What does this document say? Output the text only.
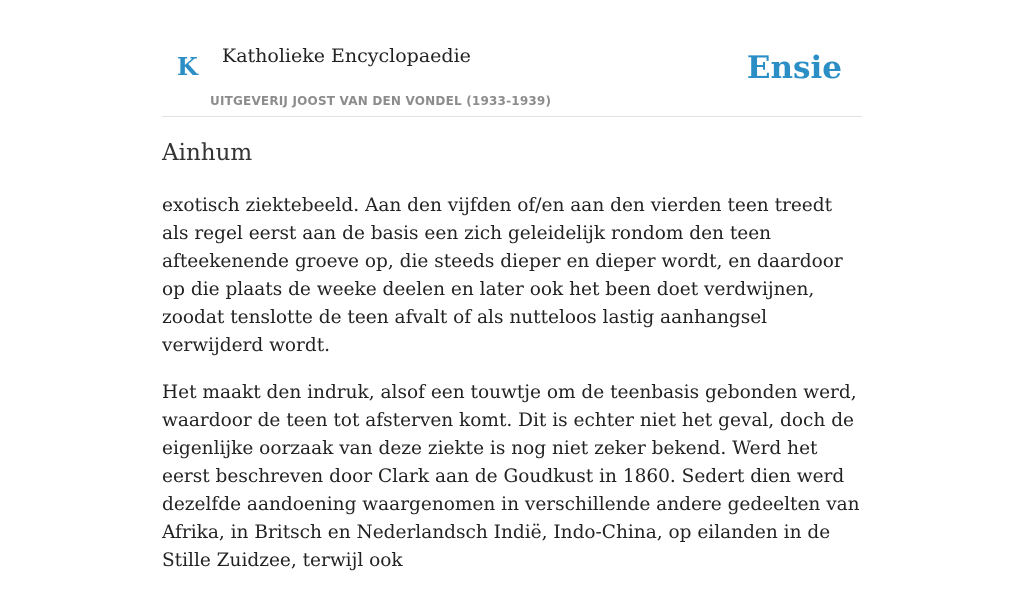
K Katholieke Encyclopaedie
UITGEVERIJ JOOST VAN DEN VONDEL (1933-1939)
Ensie
Ainhum

exotisch ziektebeeld. Aan den vijfden of/en aan den vierden teen treedt als regel eerst aan de basis een zich geleidelijk rondom den teen afteekenende groeve op, die steeds dieper en dieper wordt, en daardoor op die plaats de weeke deelen en later ook het been doet verdwijnen, zoodat tenslotte de teen afvalt of als nutteloos lastig aanhangsel verwijderd wordt.

Het maakt den indruk, alsof een touwtje om de teenbasis gebonden werd, waardoor de teen tot afsterven komt. Dit is echter niet het geval, doch de eigenlijke oorzaak van deze ziekte is nog niet zeker bekend. Werd het eerst beschreven door Clark aan de Goudkust in 1860. Sedert dien werd dezelfde aandoening waargenomen in verschillende andere gedeelten van Afrika, in Britsch en Nederlandsch Indië, Indo-China, op eilanden in de Stille Zuidzee, terwijl ook
